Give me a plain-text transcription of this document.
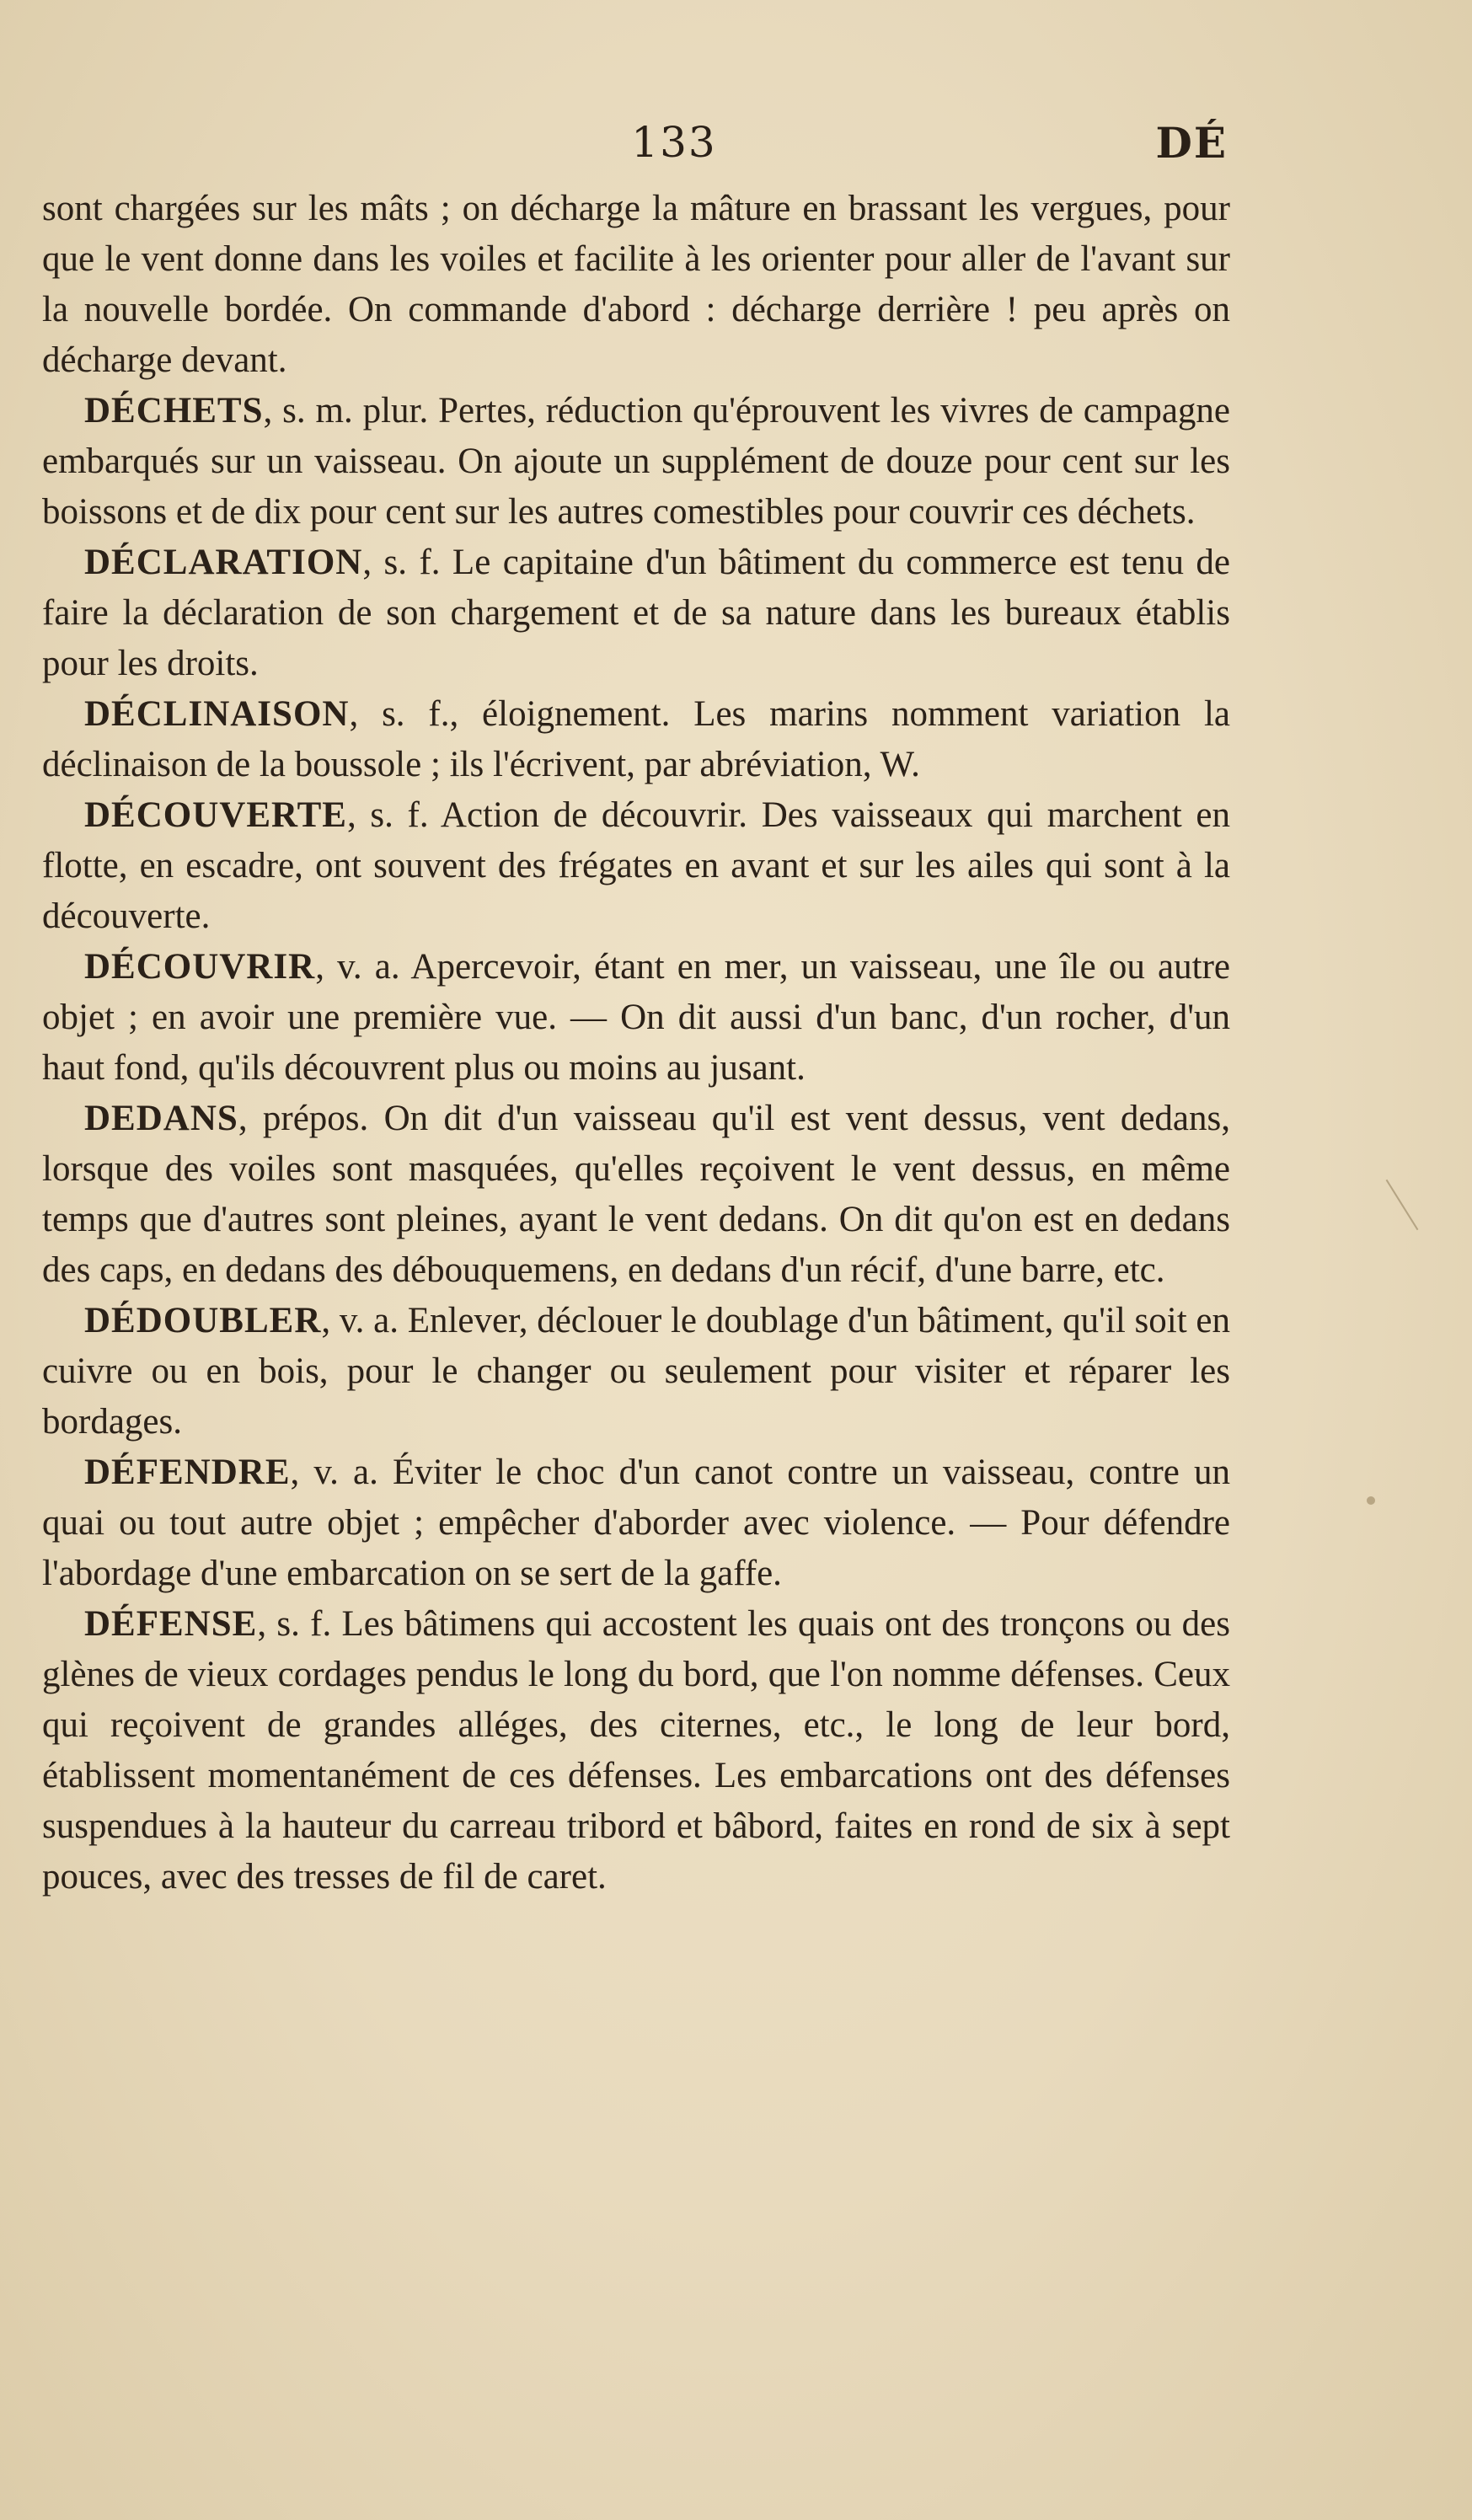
133	DÉ

sont chargées sur les mâts ; on décharge la mâture en brassant les vergues, pour que le vent donne dans les voiles et facilite à les orienter pour aller de l'avant sur la nouvelle bordée. On commande d'abord : décharge derrière ! peu après on décharge devant.

DÉCHETS, s. m. plur. Pertes, réduction qu'éprouvent les vivres de campagne embarqués sur un vaisseau. On ajoute un supplément de douze pour cent sur les boissons et de dix pour cent sur les autres comestibles pour couvrir ces déchets.

DÉCLARATION, s. f. Le capitaine d'un bâtiment du commerce est tenu de faire la déclaration de son chargement et de sa nature dans les bureaux établis pour les droits.

DÉCLINAISON, s. f., éloignement. Les marins nomment variation la déclinaison de la boussole ; ils l'écrivent, par abréviation, W.

DÉCOUVERTE, s. f. Action de découvrir. Des vaisseaux qui marchent en flotte, en escadre, ont souvent des frégates en avant et sur les ailes qui sont à la découverte.

DÉCOUVRIR, v. a. Apercevoir, étant en mer, un vaisseau, une île ou autre objet ; en avoir une première vue. — On dit aussi d'un banc, d'un rocher, d'un haut fond, qu'ils découvrent plus ou moins au jusant.

DEDANS, prépos. On dit d'un vaisseau qu'il est vent dessus, vent dedans, lorsque des voiles sont masquées, qu'elles reçoivent le vent dessus, en même temps que d'autres sont pleines, ayant le vent dedans. On dit qu'on est en dedans des caps, en dedans des débouquemens, en dedans d'un récif, d'une barre, etc.

DÉDOUBLER, v. a. Enlever, déclouer le doublage d'un bâtiment, qu'il soit en cuivre ou en bois, pour le changer ou seulement pour visiter et réparer les bordages.

DÉFENDRE, v. a. Éviter le choc d'un canot contre un vaisseau, contre un quai ou tout autre objet ; empêcher d'aborder avec violence. — Pour défendre l'abordage d'une embarcation on se sert de la gaffe.

DÉFENSE, s. f. Les bâtimens qui accostent les quais ont des tronçons ou des glènes de vieux cordages pendus le long du bord, que l'on nomme défenses. Ceux qui reçoivent de grandes alléges, des citernes, etc., le long de leur bord, établissent momentanément de ces défenses. Les embarcations ont des défenses suspendues à la hauteur du carreau tribord et bâbord, faites en rond de six à sept pouces, avec des tresses de fil de caret.
